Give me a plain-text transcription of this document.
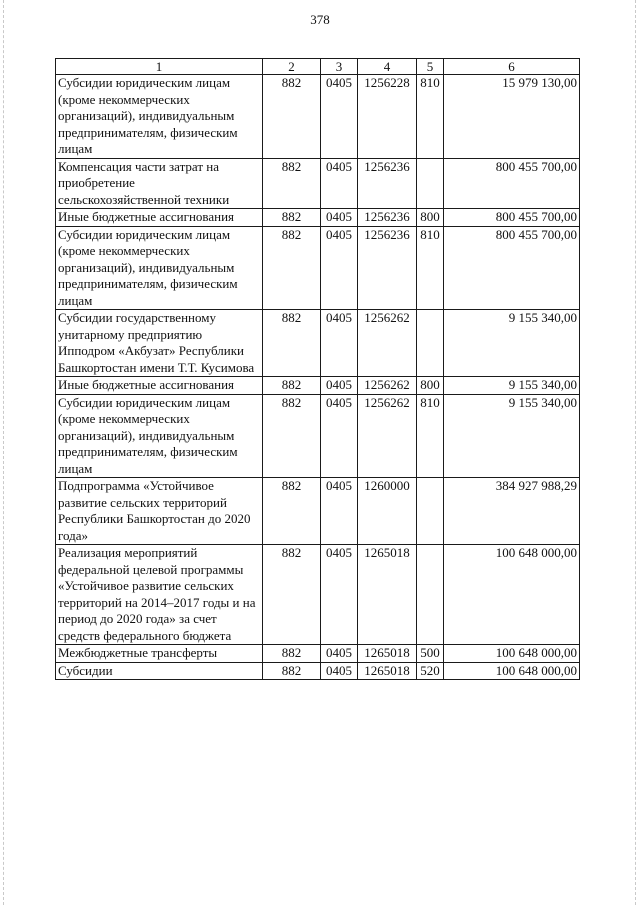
378
1	2	3	4	5	6
Субсидии юридическим лицам (кроме некоммерческих организаций), индивидуальным предпринимателям, физическим лицам	882	0405	1256228	810	15 979 130,00
Компенсация части затрат на приобретение сельскохозяйственной техники	882	0405	1256236		800 455 700,00
Иные бюджетные ассигнования	882	0405	1256236	800	800 455 700,00
Субсидии юридическим лицам (кроме некоммерческих организаций), индивидуальным предпринимателям, физическим лицам	882	0405	1256236	810	800 455 700,00
Субсидии государственному унитарному предприятию Ипподром «Акбузат» Республики Башкортостан имени Т.Т. Кусимова	882	0405	1256262		9 155 340,00
Иные бюджетные ассигнования	882	0405	1256262	800	9 155 340,00
Субсидии юридическим лицам (кроме некоммерческих организаций), индивидуальным предпринимателям, физическим лицам	882	0405	1256262	810	9 155 340,00
Подпрограмма «Устойчивое развитие сельских территорий Республики Башкортостан до 2020 года»	882	0405	1260000		384 927 988,29
Реализация мероприятий федеральной целевой программы «Устойчивое развитие сельских территорий на 2014–2017 годы и на период до 2020 года» за счет средств федерального бюджета	882	0405	1265018		100 648 000,00
Межбюджетные трансферты	882	0405	1265018	500	100 648 000,00
Субсидии	882	0405	1265018	520	100 648 000,00
